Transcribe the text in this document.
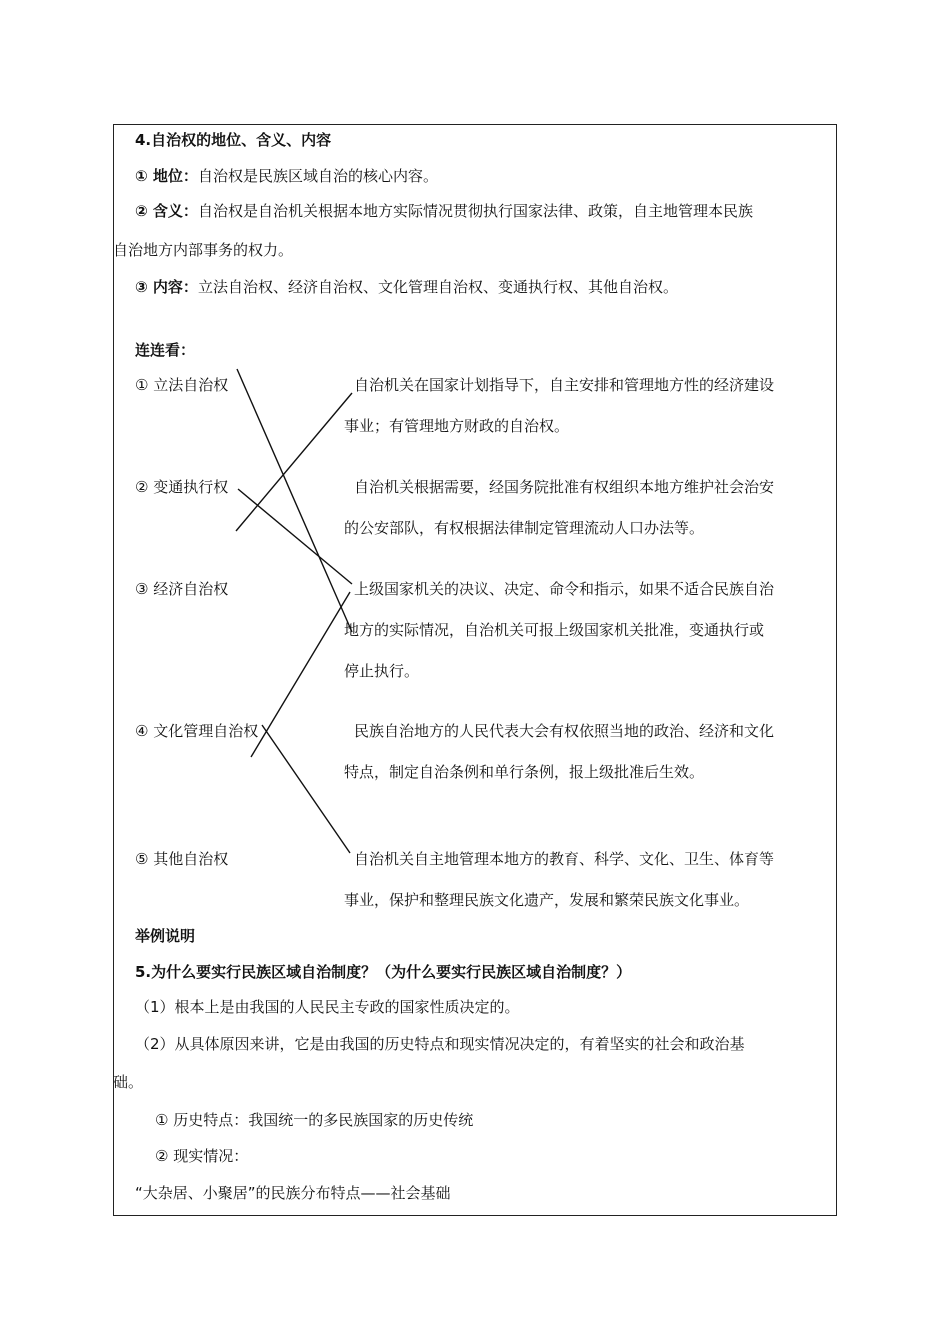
4.自治权的地位、含义、内容
① 地位：自治权是民族区域自治的核心内容。
② 含义：自治权是自治机关根据本地方实际情况贯彻执行国家法律、政策，自主地管理本民族
自治地方内部事务的权力。
③ 内容：立法自治权、经济自治权、文化管理自治权、变通执行权、其他自治权。
连连看：
① 立法自治权
② 变通执行权
③ 经济自治权
④ 文化管理自治权
⑤ 其他自治权
自治机关在国家计划指导下，自主安排和管理地方性的经济建设
事业；有管理地方财政的自治权。
自治机关根据需要，经国务院批准有权组织本地方维护社会治安
的公安部队，有权根据法律制定管理流动人口办法等。
上级国家机关的决议、决定、命令和指示，如果不适合民族自治
地方的实际情况，自治机关可报上级国家机关批准，变通执行或
停止执行。
民族自治地方的人民代表大会有权依照当地的政治、经济和文化
特点，制定自治条例和单行条例，报上级批准后生效。
自治机关自主地管理本地方的教育、科学、文化、卫生、体育等
事业，保护和整理民族文化遗产，发展和繁荣民族文化事业。
举例说明
5.为什么要实行民族区域自治制度？（为什么要实行民族区域自治制度？）
（1）根本上是由我国的人民民主专政的国家性质决定的。
（2）从具体原因来讲，它是由我国的历史特点和现实情况决定的，有着坚实的社会和政治基
础。
① 历史特点：我国统一的多民族国家的历史传统
② 现实情况：
“大杂居、小聚居”的民族分布特点——社会基础
